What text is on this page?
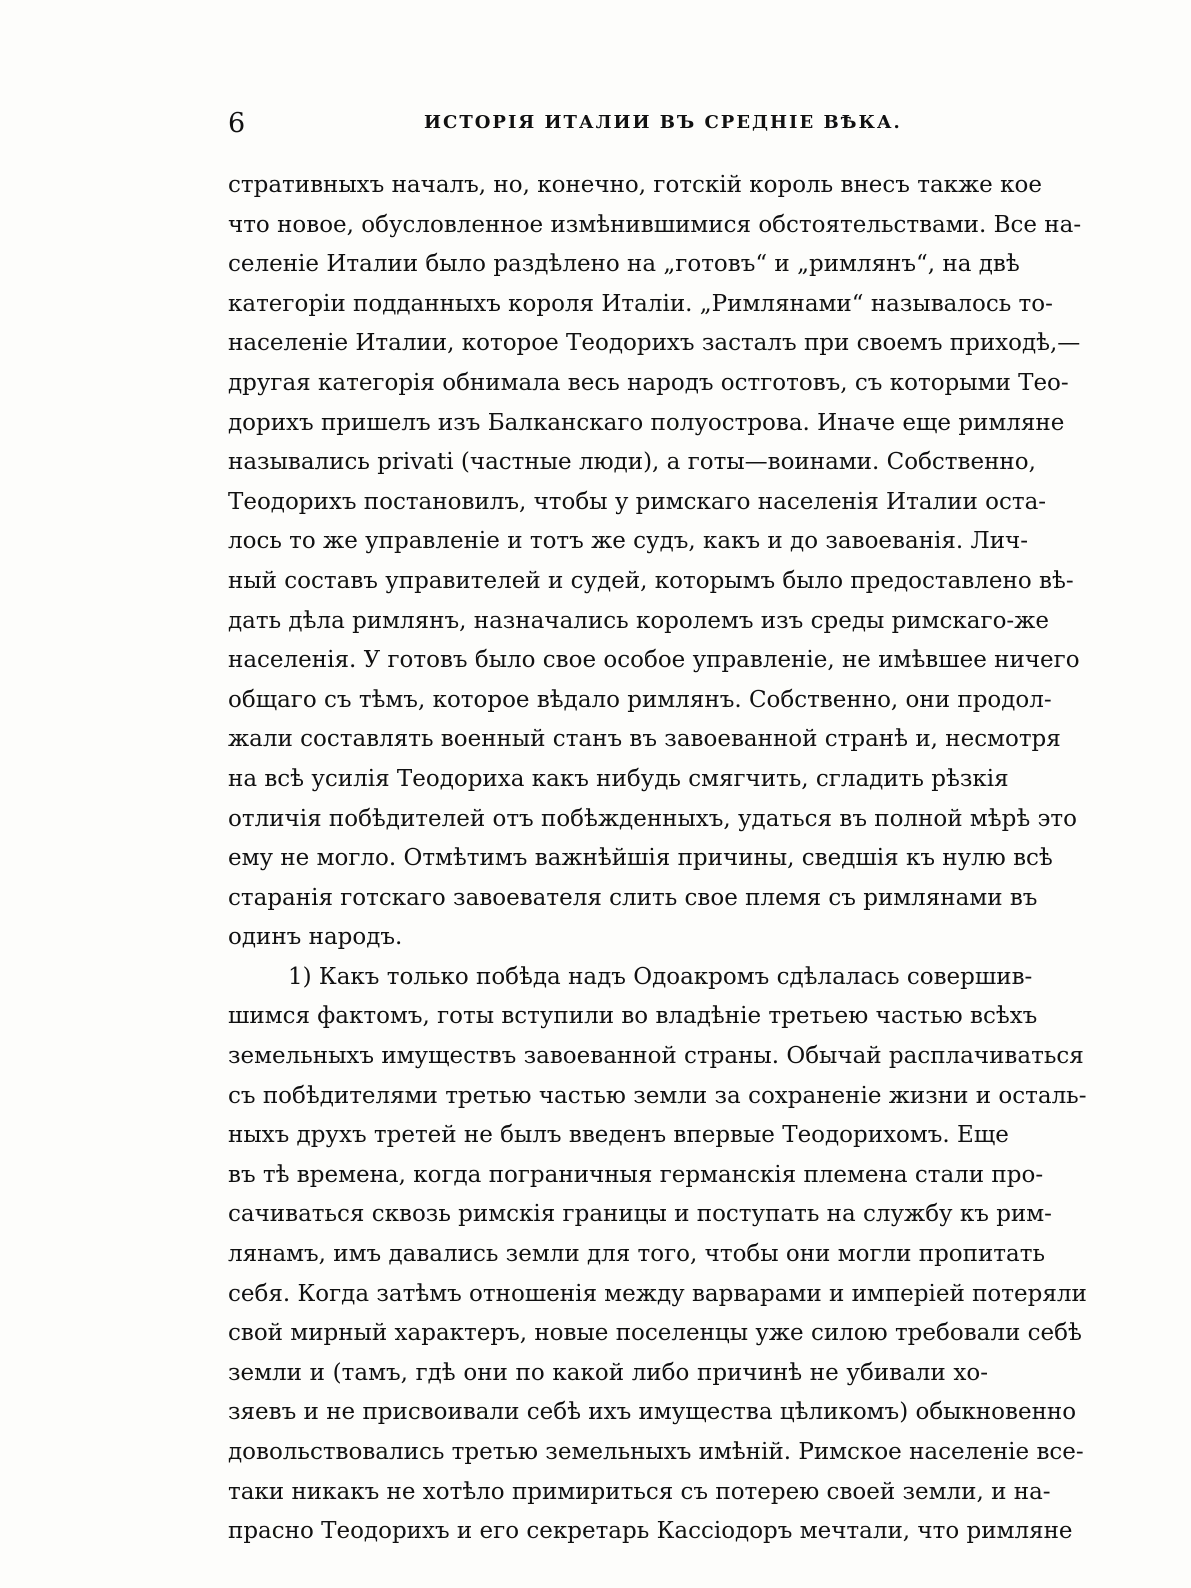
6	ИСТОРІЯ ИТАЛИИ ВЪ СРЕДНІЕ ВѢКА.
стративныхъ началъ, но, конечно, готскій король внесъ также кое
что новое, обусловленное измѣнившимися обстоятельствами. Все на-
селеніе Италии было раздѣлено на „готовъ“ и „римлянъ“, на двѣ
категоріи подданныхъ короля Италіи. „Римлянами“ называлось то-
населеніе Италии, которое Теодорихъ засталъ при своемъ приходѣ,—
другая категорія обнимала весь народъ остготовъ, съ которыми Тео-
дорихъ пришелъ изъ Балканскаго полуострова. Иначе еще римляне
назывались privati (частные люди), а готы—воинами. Собственно,
Теодорихъ постановилъ, чтобы у римскаго населенія Италии оста-
лось то же управленіе и тотъ же судъ, какъ и до завоеванія. Лич-
ный составъ управителей и судей, которымъ было предоставлено вѣ-
дать дѣла римлянъ, назначались королемъ изъ среды римскаго-же
населенія. У готовъ было свое особое управленіе, не имѣвшее ничего
общаго съ тѣмъ, которое вѣдало римлянъ. Собственно, они продол-
жали составлять военный станъ въ завоеванной странѣ и, несмотря
на всѣ усилія Теодориха какъ нибудь смягчить, сгладить рѣзкія
отличія побѣдителей отъ побѣжденныхъ, удаться въ полной мѣрѣ это
ему не могло. Отмѣтимъ важнѣйшія причины, сведшія къ нулю всѣ
старанія готскаго завоевателя слить свое племя съ римлянами въ
одинъ народъ.
1) Какъ только побѣда надъ Одоакромъ сдѣлалась совершив-
шимся фактомъ, готы вступили во владѣніе третьею частью всѣхъ
земельныхъ имуществъ завоеванной страны. Обычай расплачиваться
съ побѣдителями третью частью земли за сохраненіе жизни и осталь-
ныхъ друхъ третей не былъ введенъ впервые Теодорихомъ. Еще
въ тѣ времена, когда пограничныя германскія племена стали про-
сачиваться сквозь римскія границы и поступать на службу къ рим-
лянамъ, имъ давались земли для того, чтобы они могли пропитать
себя. Когда затѣмъ отношенія между варварами и имперіей потеряли
свой мирный характеръ, новые поселенцы уже силою требовали себѣ
земли и (тамъ, гдѣ они по какой либо причинѣ не убивали хо-
зяевъ и не присвоивали себѣ ихъ имущества цѣликомъ) обыкновенно
довольствовались третью земельныхъ имѣній. Римское населеніе все-
таки никакъ не хотѣло примириться съ потерею своей земли, и на-
прасно Теодорихъ и его секретарь Кассіодоръ мечтали, что римляне
